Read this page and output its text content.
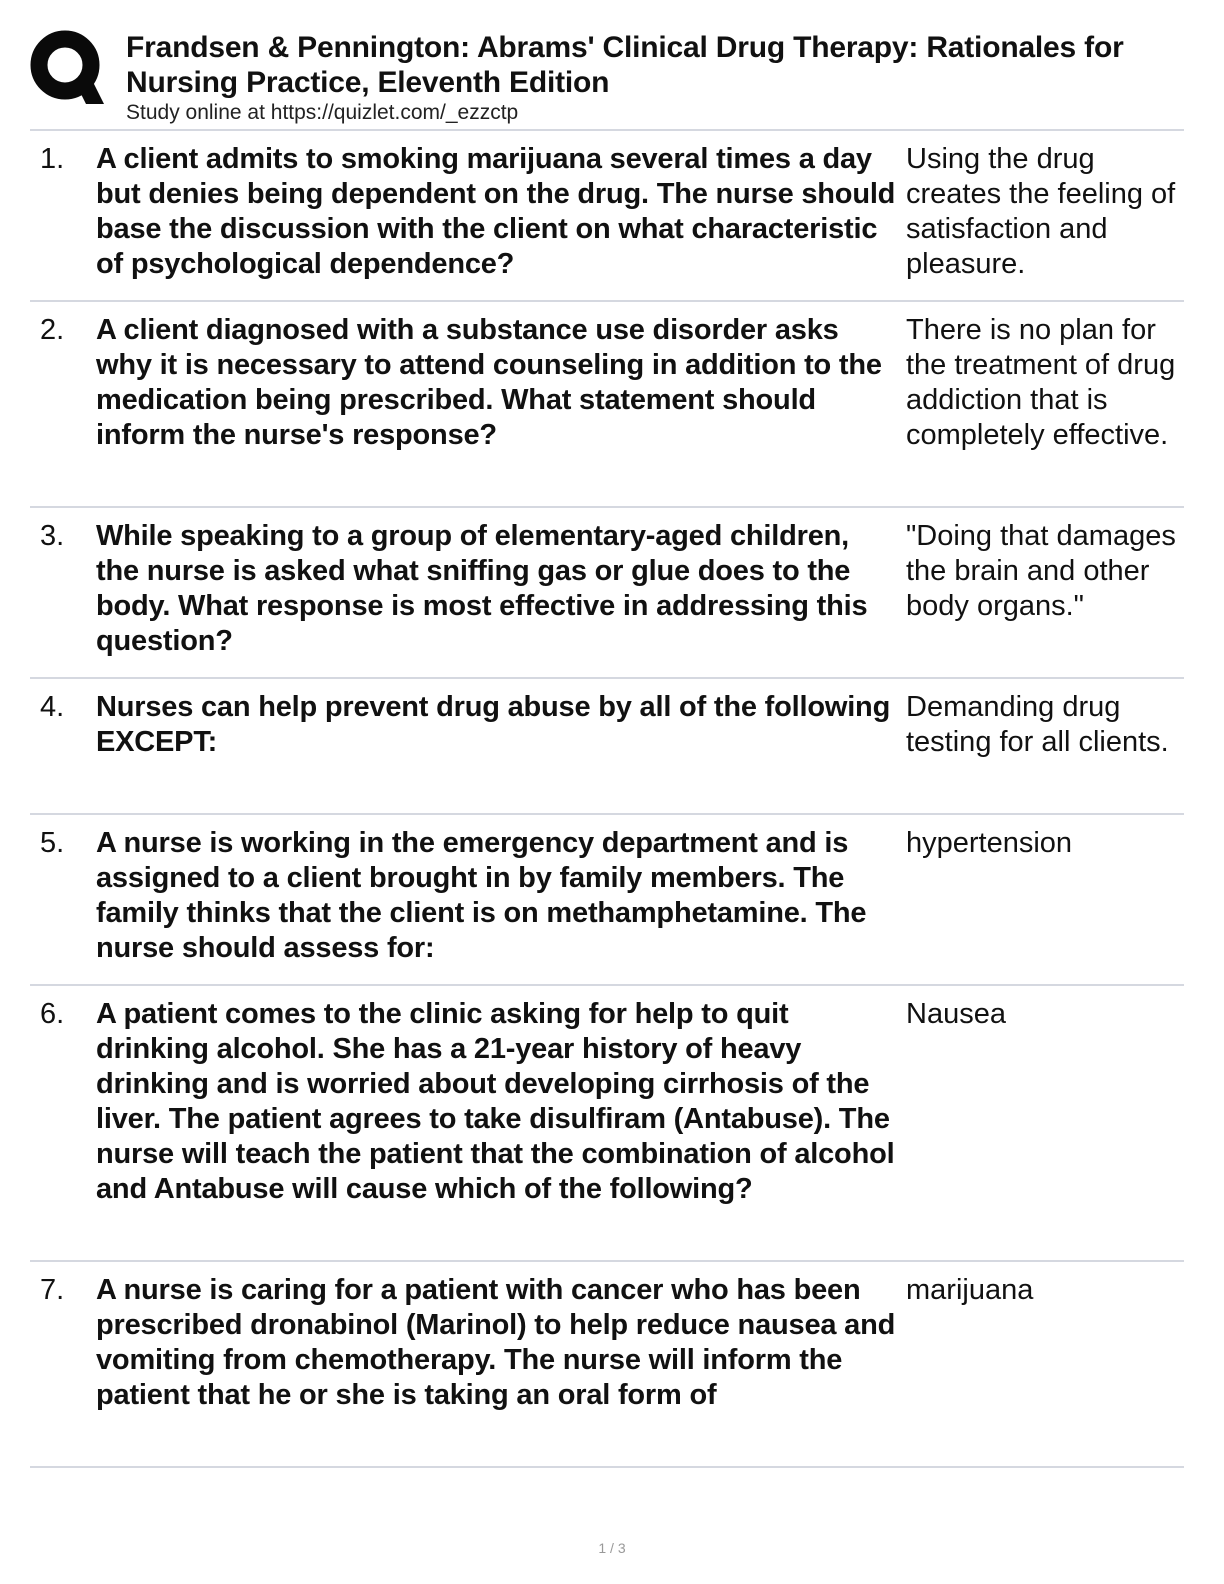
Frandsen & Pennington: Abrams' Clinical Drug Therapy: Rationales for Nursing Practice, Eleventh Edition
Study online at https://quizlet.com/_ezzctp
1. A client admits to smoking marijuana several times a day but denies being dependent on the drug. The nurse should base the discussion with the client on what characteristic of psychological dependence?
Using the drug creates the feeling of satisfaction and pleasure.
2. A client diagnosed with a substance use disorder asks why it is necessary to attend counseling in addition to the medication being prescribed. What statement should inform the nurse's response?
There is no plan for the treatment of drug addiction that is completely effective.
3. While speaking to a group of elementary-aged children, the nurse is asked what sniffing gas or glue does to the body. What response is most effective in addressing this question?
"Doing that damages the brain and other body organs."
4. Nurses can help prevent drug abuse by all of the following EXCEPT:
Demanding drug testing for all clients.
5. A nurse is working in the emergency department and is assigned to a client brought in by family members. The family thinks that the client is on methamphetamine. The nurse should assess for:
hypertension
6. A patient comes to the clinic asking for help to quit drinking alcohol. She has a 21-year history of heavy drinking and is worried about developing cirrhosis of the liver. The patient agrees to take disulfiram (Antabuse). The nurse will teach the patient that the combination of alcohol and Antabuse will cause which of the following?
Nausea
7. A nurse is caring for a patient with cancer who has been prescribed dronabinol (Marinol) to help reduce nausea and vomiting from chemotherapy. The nurse will inform the patient that he or she is taking an oral form of
marijuana
1 / 3
